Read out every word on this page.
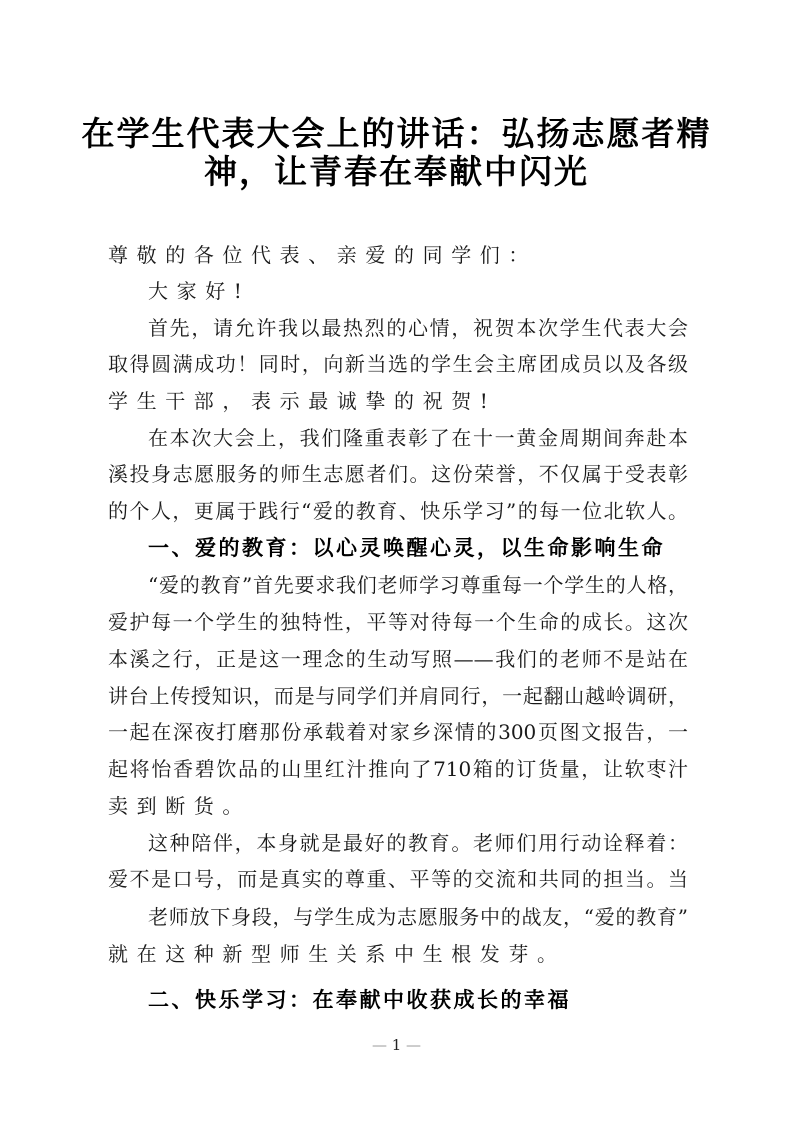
在学生代表大会上的讲话：弘扬志愿者精
神，让青春在奉献中闪光
尊敬的各位代表、亲爱的同学们：
大家好!
首先，请允许我以最热烈的心情，祝贺本次学生代表大会
取得圆满成功！同时，向新当选的学生会主席团成员以及各级
学生干部，表示最诚挚的祝贺!
在本次大会上，我们隆重表彰了在十一黄金周期间奔赴本
溪投身志愿服务的师生志愿者们。这份荣誉，不仅属于受表彰
的个人，更属于践行“爱的教育、快乐学习”的每一位北软人。
一、爱的教育：以心灵唤醒心灵，以生命影响生命
“爱的教育”首先要求我们老师学习尊重每一个学生的人格，
爱护每一个学生的独特性，平等对待每一个生命的成长。这次
本溪之行，正是这一理念的生动写照——我们的老师不是站在
讲台上传授知识，而是与同学们并肩同行，一起翻山越岭调研，
一起在深夜打磨那份承载着对家乡深情的300页图文报告，一
起将怡香碧饮品的山里红汁推向了710箱的订货量，让软枣汁
卖到断货。
这种陪伴，本身就是最好的教育。老师们用行动诠释着：
爱不是口号，而是真实的尊重、平等的交流和共同的担当。当
老师放下身段，与学生成为志愿服务中的战友，“爱的教育”
就在这种新型师生关系中生根发芽。
二、快乐学习：在奉献中收获成长的幸福
— 1 —
